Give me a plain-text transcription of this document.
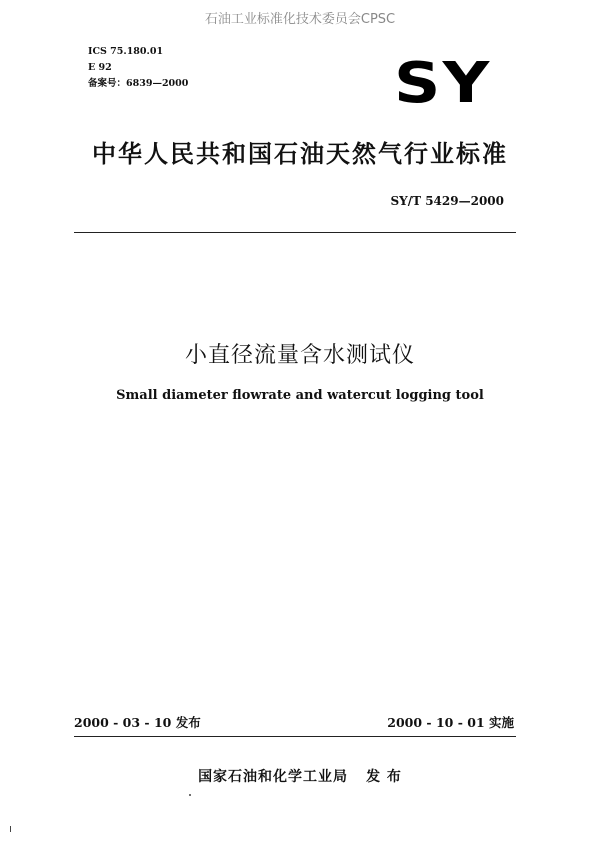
石油工业标准化技术委员会CPSC
ICS 75.180.01
E 92
备案号：6839—2000	SY
中华人民共和国石油天然气行业标准
SY/T 5429—2000
小直径流量含水测试仪
Small diameter flowrate and watercut logging tool
2000 - 03 - 10 发布	2000 - 10 - 01 实施
国家石油和化学工业局 发 布
